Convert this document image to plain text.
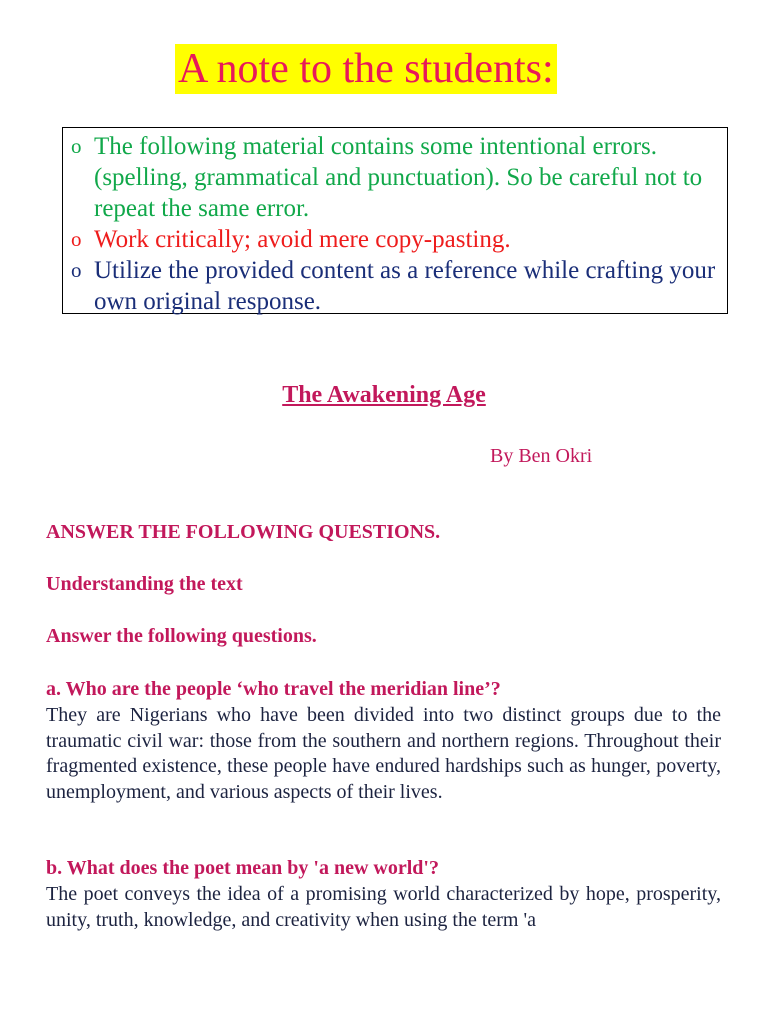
A note to the students:
o The following material contains some intentional errors. (spelling, grammatical and punctuation). So be careful not to repeat the same error.
o Work critically; avoid mere copy-pasting.
o Utilize the provided content as a reference while crafting your own original response.
The Awakening Age
By Ben Okri
ANSWER THE FOLLOWING QUESTIONS.
Understanding the text
Answer the following questions.
a. Who are the people ‘who travel the meridian line’?
They are Nigerians who have been divided into two distinct groups due to the traumatic civil war: those from the southern and northern regions. Throughout their fragmented existence, these people have endured hardships such as hunger, poverty, unemployment, and various aspects of their lives.
b. What does the poet mean by 'a new world'?
The poet conveys the idea of a promising world characterized by hope, prosperity, unity, truth, knowledge, and creativity when using the term 'a
